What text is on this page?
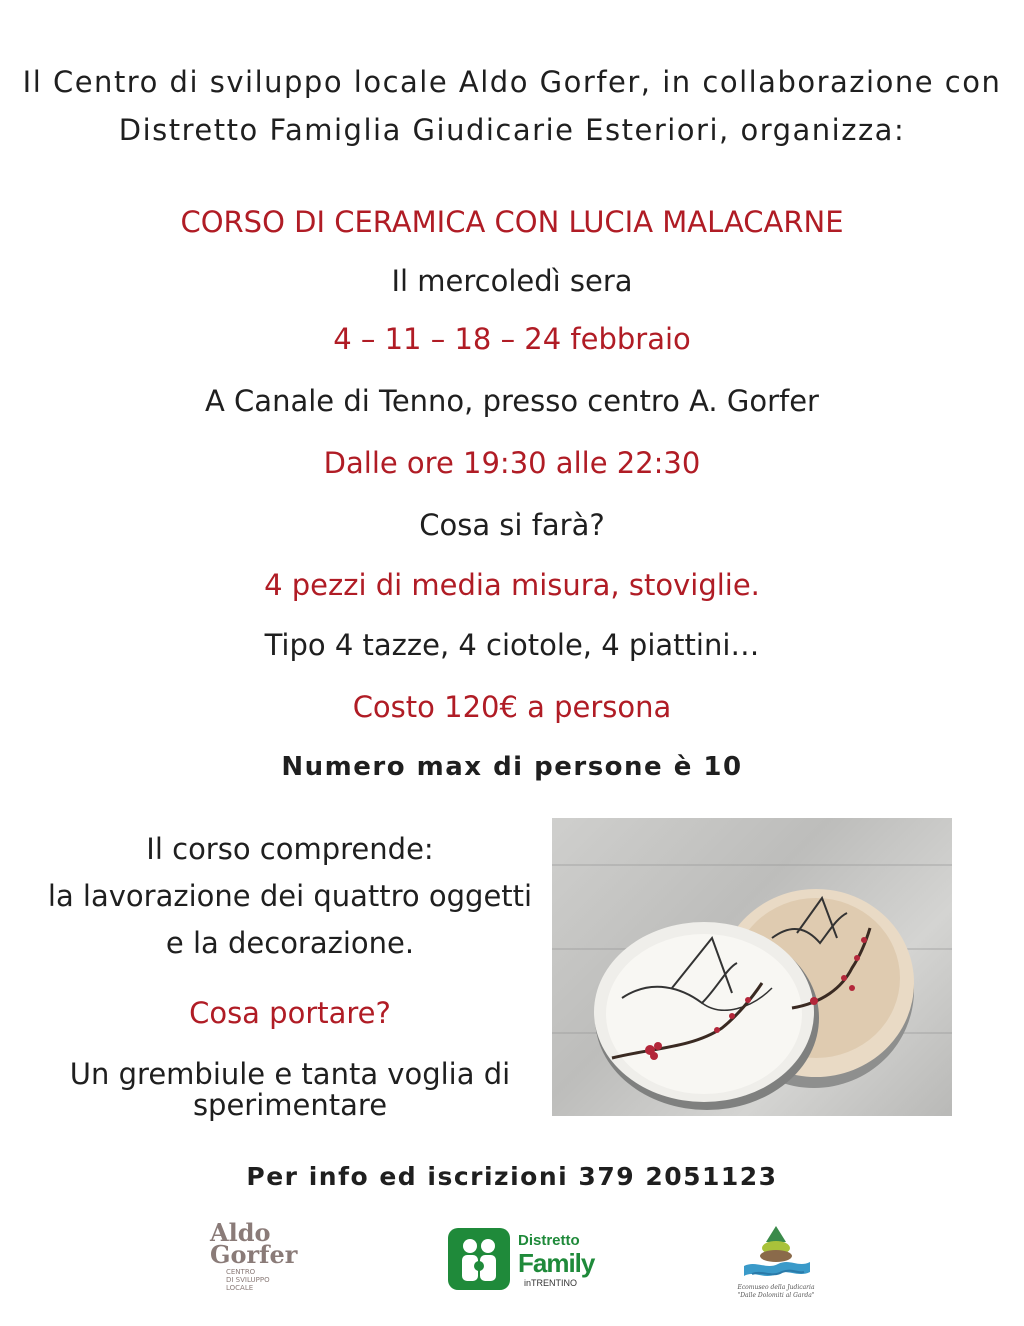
Il Centro di sviluppo locale Aldo Gorfer, in collaborazione con
Distretto Famiglia Giudicarie Esteriori, organizza:
CORSO DI CERAMICA CON LUCIA MALACARNE
Il mercoledì sera
4 – 11 – 18 – 24 febbraio
A Canale di Tenno, presso centro A. Gorfer
Dalle ore 19:30 alle 22:30
Cosa si farà?
4 pezzi di media misura, stoviglie.
Tipo 4 tazze, 4 ciotole, 4 piattini…
Costo 120€ a persona
Numero max di persone è 10
Il corso comprende:
la lavorazione dei quattro oggetti
e la decorazione.
Cosa portare?
Un grembiule e tanta voglia di
sperimentare
Per info ed iscrizioni 379 2051123
Aldo
Gorfer
CENTRO
DI SVILUPPO
LOCALE
Distretto
Family
inTRENTINO	Ecomuseo della Judicaria
"Dalle Dolomiti al Garda"
